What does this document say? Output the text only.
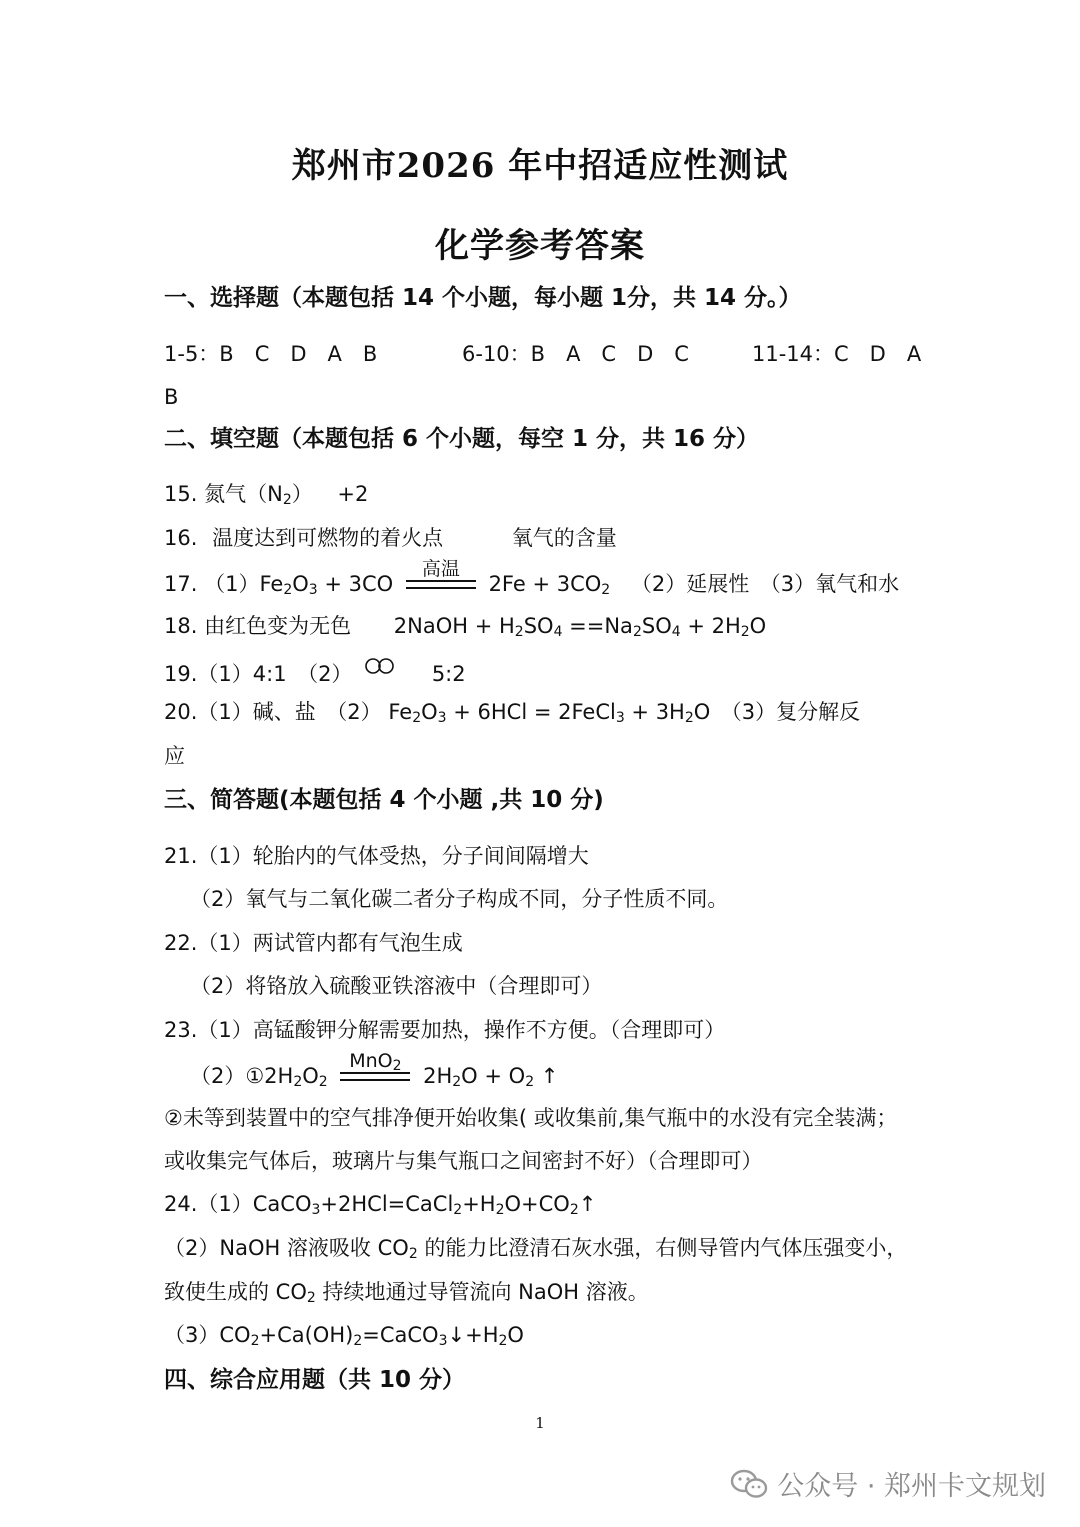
郑州市2026 年中招适应性测试
化学参考答案
一、选择题（本题包括 14 个小题，每小题 1分，共 14 分。）
1-5：B　C　D　A　B	6-10：B　A　C　D　C	11-14：C　D　A
B
二、填空题（本题包括 6 个小题，每空 1 分，共 16 分）
15. 氮气$(N_2) +2$
16. 温度达到可燃物的着火点	氧气的含量
17. $(1)Fe_2O_3 + 3CO$
高温
$2Fe + 3CO_2$ （2）延展性　（3）氧气和水
18. 由红色变为无色 2NaOH + $H_2SO_4 ==Na_2SO_4 + 2H_2O$
19.（1）4:1　（2）	5:2
20.（1）碱、盐　（2） $Fe_2O_3 + 6HCl$ = 2FeCl$_3$ + $3H_2O$　（3）复分解反
应
三、简答题(本题包括 4 个小题 ,共 10 分)
21.（1）轮胎内的气体受热，分子间间隔增大
（2）氧气与二氧化碳二者分子构成不同，分子性质不同。
22.（1）两试管内都有气泡生成
（2）将铬放入硫酸亚铁溶液中（合理即可）
23.（1）高锰酸钾分解需要加热，操作不方便。（合理即可）
$(2)①2H_2O_2$
MnO$_2$	$2H_2O + O_2$ ↑
②未等到装置中的空气排净便开始收集( 或收集前,集气瓶中的水没有完全装满；
或收集完气体后，玻璃片与集气瓶口之间密封不好）（合理即可）
$24.(1)CaCO_3+2HCl=CaCl_2+H_2O+CO_2↑$
（2）NaOH 溶液吸收 $CO_2$ 的能力比澄清石灰水强，右侧导管内气体压强变小，
致使生成的 $CO_2$ 持续地通过导管流向 NaOH 溶液。
$(3)CO_2+Ca(OH)_2=CaCO_3↓+H_2O$
四、综合应用题（共 10 分）
1
公众号 · 郑州卡文规划
